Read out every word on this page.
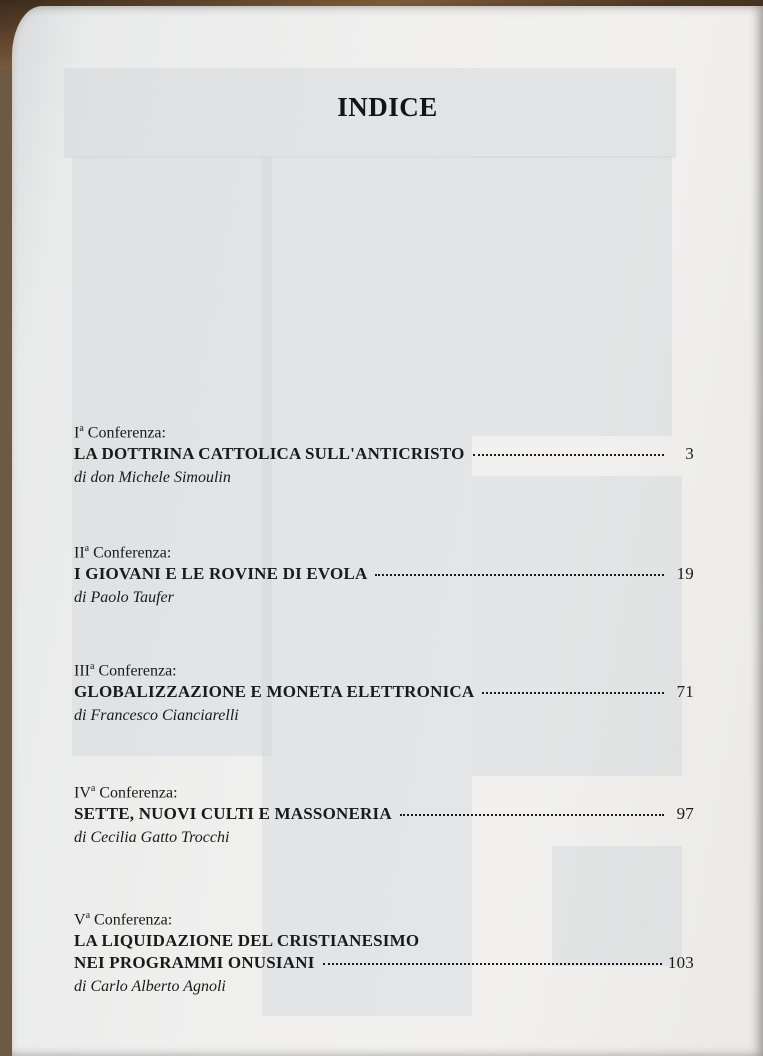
INDICE
$I^a$ Conferenza:
LA DOTTRINA CATTOLICA SULL'ANTICRISTO	3
di don Michele Simoulin
$II^a$ Conferenza:
I GIOVANI E LE ROVINE DI EVOLA	19
di Paolo Taufer
III$^a$ Conferenza:
GLOBALIZZAZIONE E MONETA ELETTRONICA	71
di Francesco Cianciarelli
$IV^a$ Conferenza:
SETTE, NUOVI CULTI E MASSONERIA	97
di Cecilia Gatto Trocchi
$V^a$ Conferenza:
LA LIQUIDAZIONE DEL CRISTIANESIMO
NEI PROGRAMMI ONUSIANI	103
di Carlo Alberto Agnoli
